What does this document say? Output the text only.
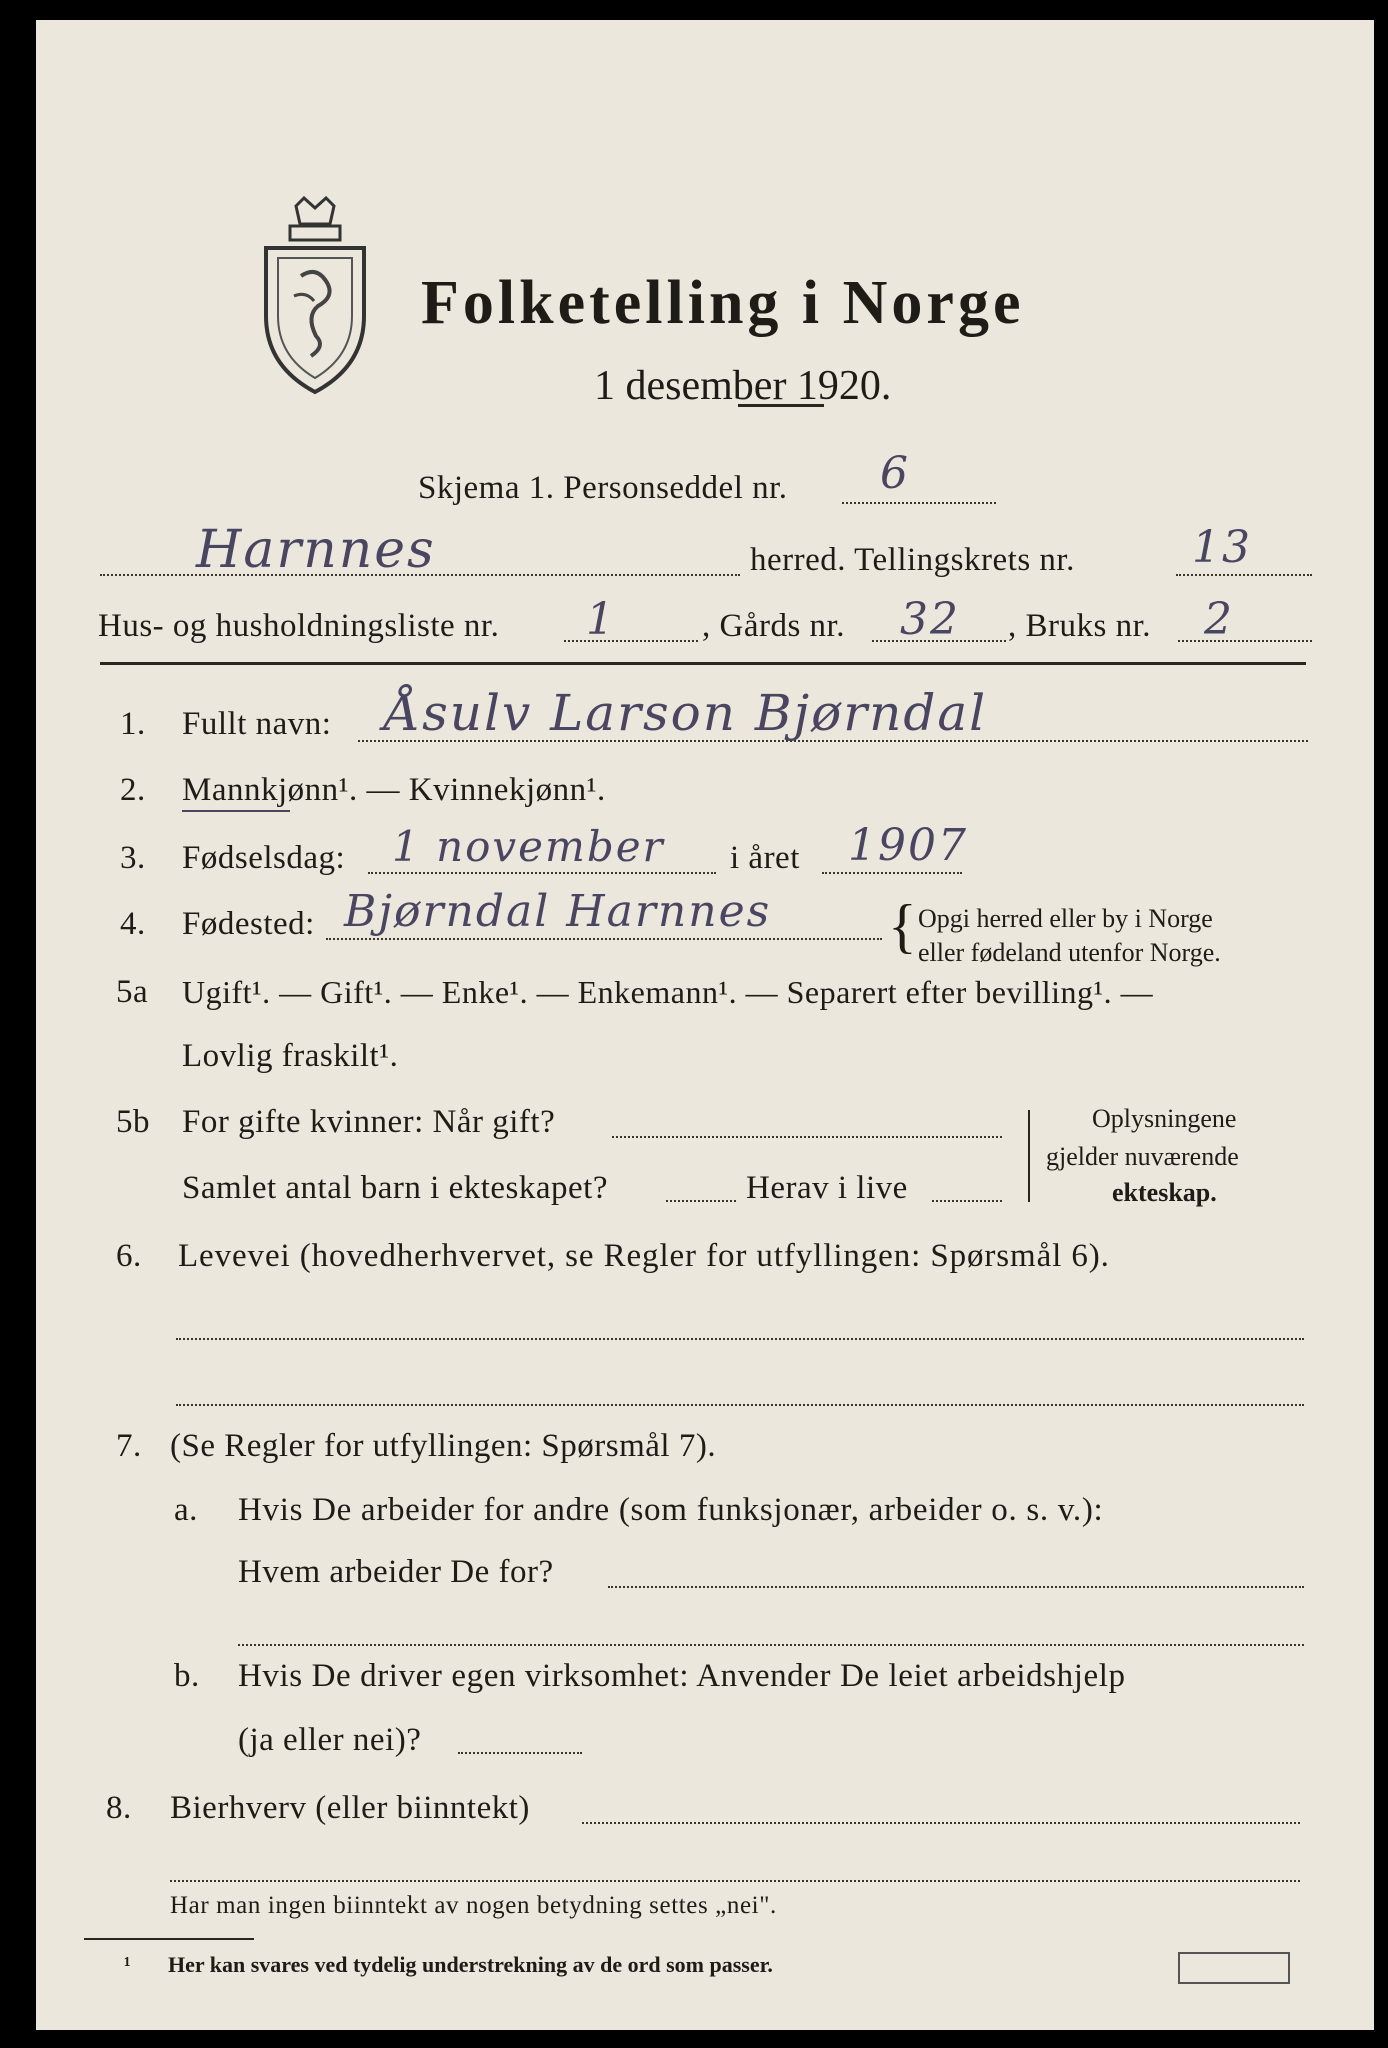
Folketelling i Norge
1 desember 1920.
Skjema 1. Personseddel nr. 6
Harnnes	herred. Tellingskrets nr.	13
Hus- og husholdningsliste nr. 1	, Gårds nr. 32 , Bruks nr. 2
1. Fullt navn: Åsulv Larson Bjørndal
2. Mannkjønn¹. — Kvinnekjønn¹.
3. Fødselsdag: 1 november i året 1907
4. Fødested: Bjørndal Harnnes { Opgi herred eller by i Norge
eller fødeland utenfor Norge.
5a Ugift¹. — Gift¹. — Enke¹. — Enkemann¹. — Separert efter bevilling¹. —
Lovlig fraskilt¹.
5b For gifte kvinner: Når gift?
Samlet antal barn i ekteskapet?	Herav i live
Oplysningene
gjelder nuværende
ekteskap.
6. Levevei (hovedherhvervet, se Regler for utfyllingen: Spørsmål 6).
7. (Se Regler for utfyllingen: Spørsmål 7).
a. Hvis De arbeider for andre (som funksjonær, arbeider o. s. v.):
Hvem arbeider De for?
b. Hvis De driver egen virksomhet: Anvender De leiet arbeidshjelp
(ja eller nei)?
8. Bierhverv (eller biinntekt)
Har man ingen biinntekt av nogen betydning settes „nei".
¹ Her kan svares ved tydelig understrekning av de ord som passer.
